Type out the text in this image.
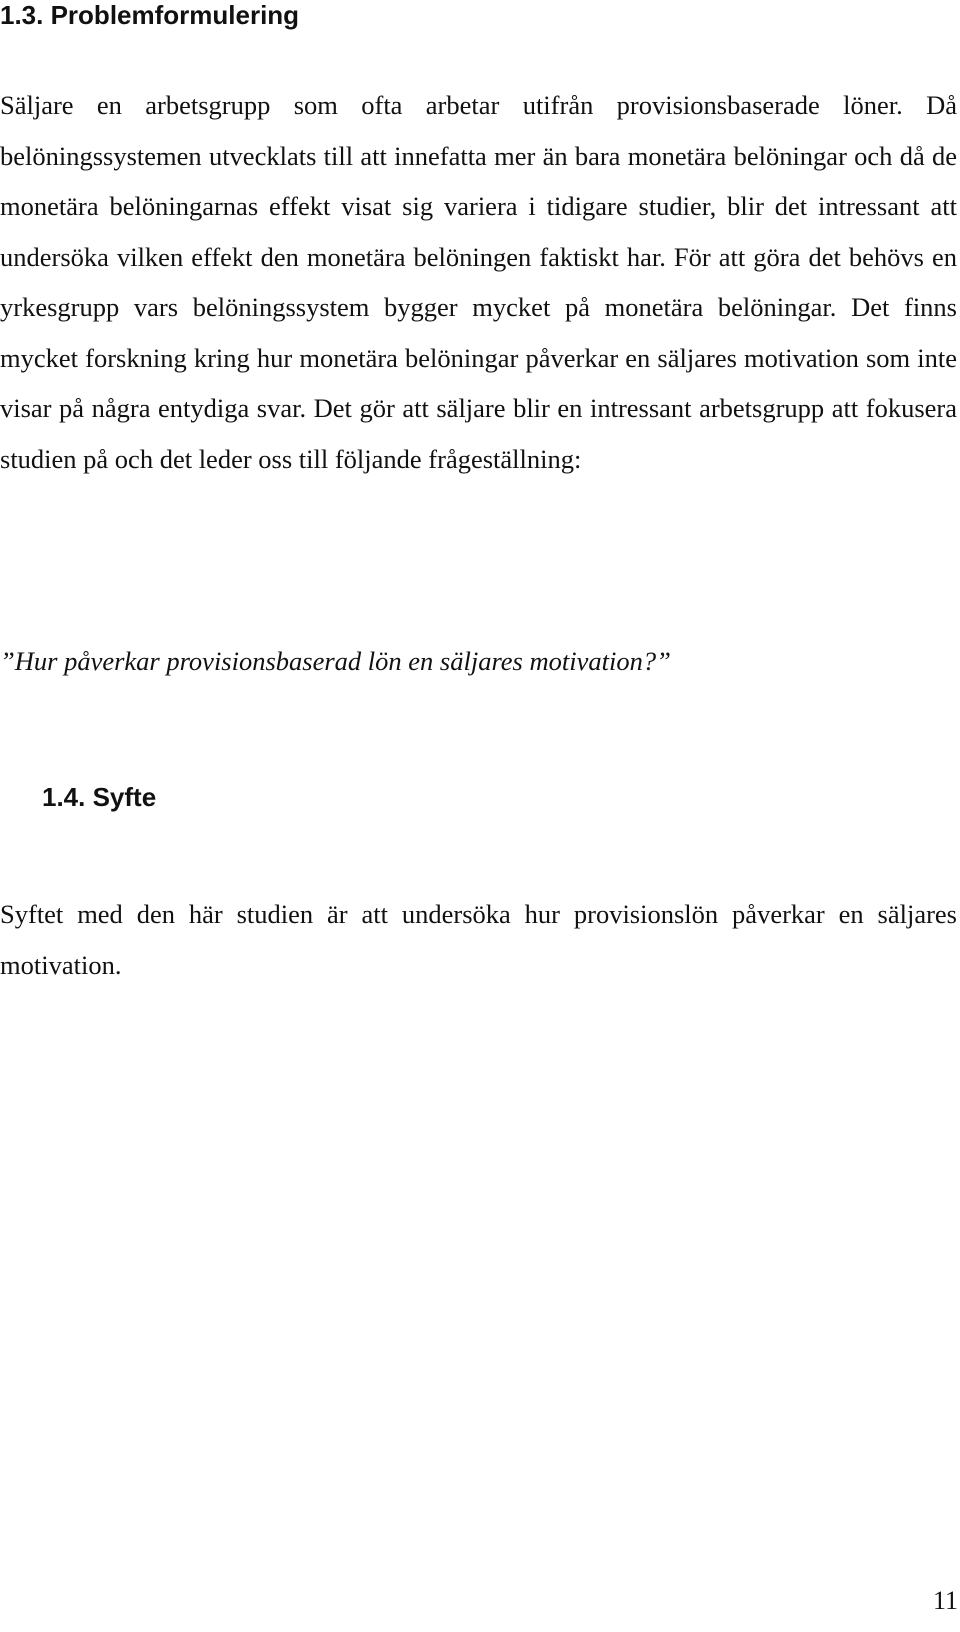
1.3. Problemformulering

Säljare en arbetsgrupp som ofta arbetar utifrån provisionsbaserade löner. Då belöningssystemen utvecklats till att innefatta mer än bara monetära belöningar och då de monetära belöningarnas effekt visat sig variera i tidigare studier, blir det intressant att undersöka vilken effekt den monetära belöningen faktiskt har. För att göra det behövs en yrkesgrupp vars belöningssystem bygger mycket på monetära belöningar. Det finns mycket forskning kring hur monetära belöningar påverkar en säljares motivation som inte visar på några entydiga svar. Det gör att säljare blir en intressant arbetsgrupp att fokusera studien på och det leder oss till följande frågeställning:

”Hur påverkar provisionsbaserad lön en säljares motivation?”

1.4. Syfte

Syftet med den här studien är att undersöka hur provisionslön påverkar en säljares motivation.

11
